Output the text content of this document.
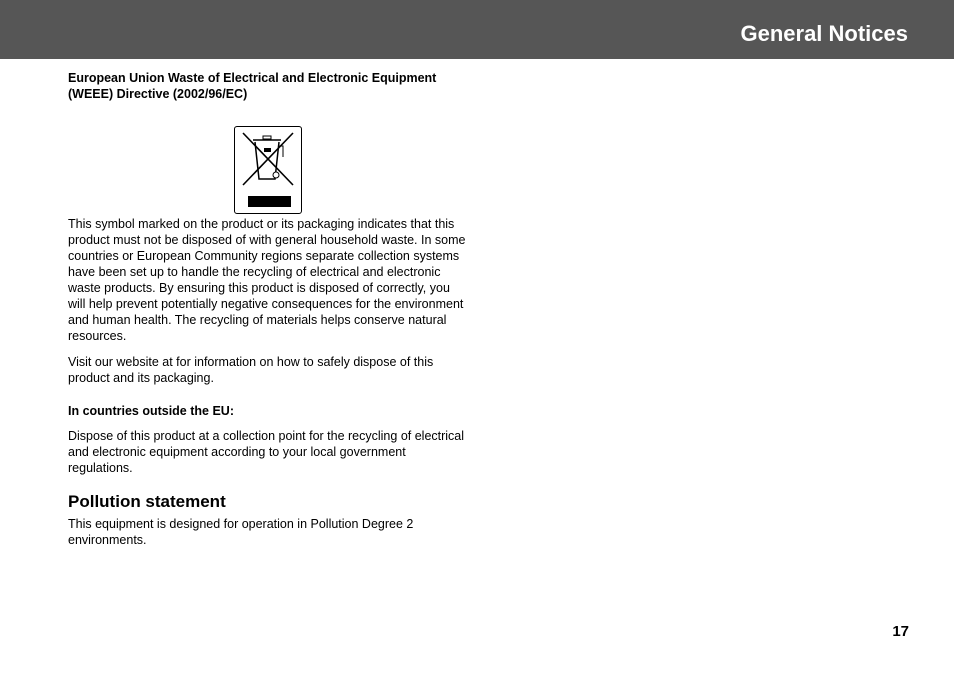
General Notices
European Union Waste of Electrical and Electronic Equipment (WEEE) Directive (2002/96/EC)

This symbol marked on the product or its packaging indicates that this product must not be disposed of with general household waste. In some countries or European Community regions separate collection systems have been set up to handle the recycling of electrical and electronic waste products. By ensuring this product is disposed of correctly, you will help prevent potentially negative consequences for the environment and human health. The recycling of materials helps conserve natural resources.

Visit our website at for information on how to safely dispose of this product and its packaging.

In countries outside the EU:

Dispose of this product at a collection point for the recycling of electrical and electronic equipment according to your local government regulations.

Pollution statement

This equipment is designed for operation in Pollution Degree 2 environments.

17
